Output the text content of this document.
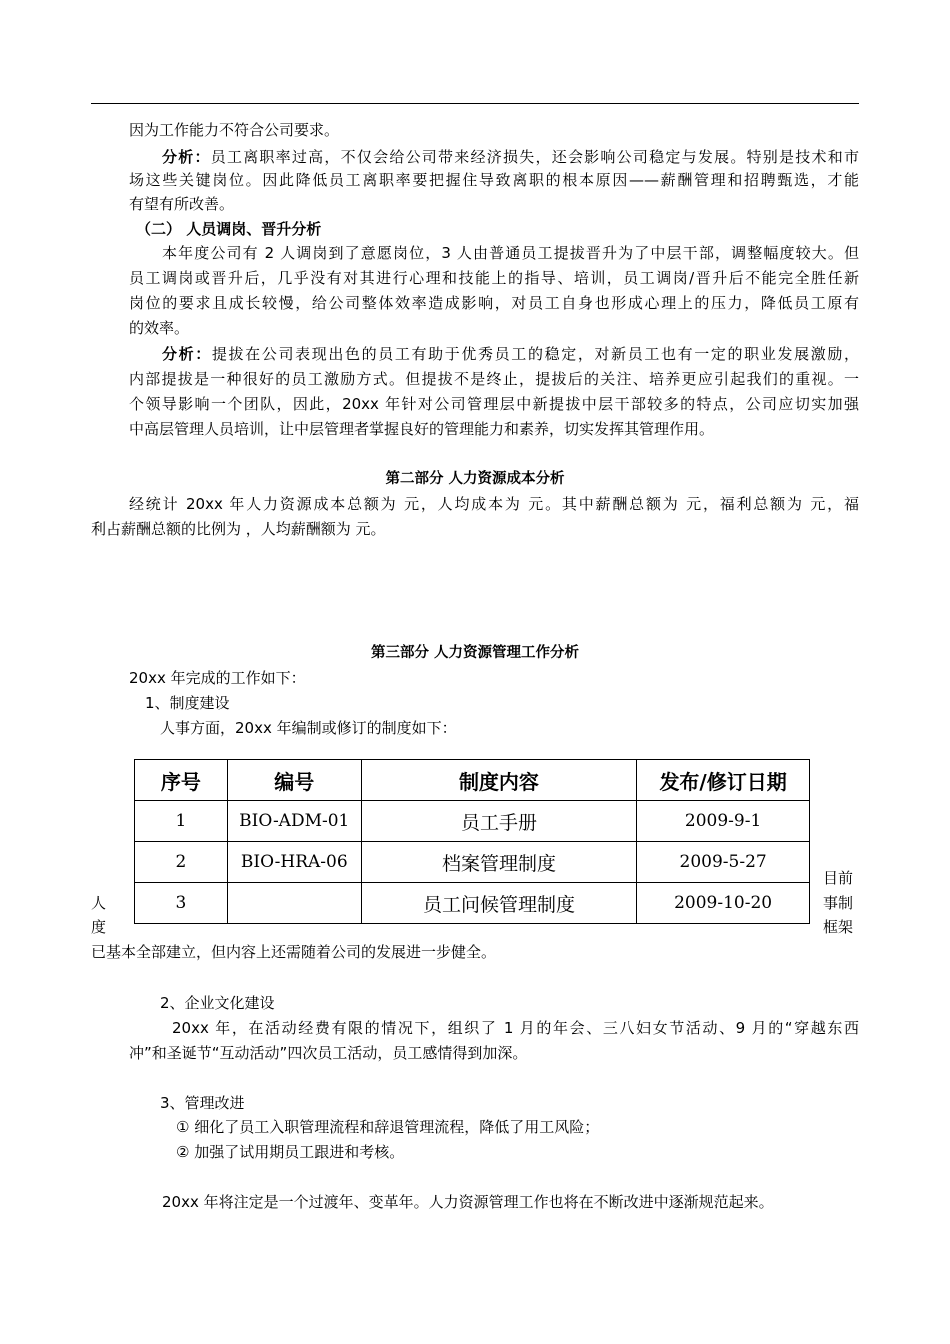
因为工作能力不符合公司要求。
分析：员工离职率过高，不仅会给公司带来经济损失，还会影响公司稳定与发展。特别是技术和市
场这些关键岗位。因此降低员工离职率要把握住导致离职的根本原因——薪酬管理和招聘甄选，才能
有望有所改善。
（二） 人员调岗、晋升分析
本年度公司有 2 人调岗到了意愿岗位，3 人由普通员工提拔晋升为了中层干部，调整幅度较大。但
员工调岗或晋升后，几乎没有对其进行心理和技能上的指导、培训，员工调岗/晋升后不能完全胜任新
岗位的要求且成长较慢，给公司整体效率造成影响，对员工自身也形成心理上的压力，降低员工原有
的效率。
分析：提拔在公司表现出色的员工有助于优秀员工的稳定，对新员工也有一定的职业发展激励，
内部提拔是一种很好的员工激励方式。但提拔不是终止，提拔后的关注、培养更应引起我们的重视。一
个领导影响一个团队，因此，20xx 年针对公司管理层中新提拔中层干部较多的特点，公司应切实加强
中高层管理人员培训，让中层管理者掌握良好的管理能力和素养，切实发挥其管理作用。
第二部分 人力资源成本分析
经统计 20xx 年人力资源成本总额为 元，人均成本为 元。其中薪酬总额为 元，福利总额为 元，福
利占薪酬总额的比例为 ，人均薪酬额为 元。
第三部分 人力资源管理工作分析
20xx 年完成的工作如下：
1、制度建设
人事方面，20xx 年编制或修订的制度如下：
序号	编号	制度内容	发布/修订日期
1	BIO-ADM-01	员工手册	2009-9-1
2	BIO-HRA-06	档案管理制度	2009-5-27
3		员工问候管理制度	2009-10-20
人
度
目前
事制
框架
已基本全部建立，但内容上还需随着公司的发展进一步健全。
2、企业文化建设
20xx 年，在活动经费有限的情况下，组织了 1 月的年会、三八妇女节活动、9 月的“穿越东西
冲”和圣诞节“互动活动”四次员工活动，员工感情得到加深。
3、管理改进
① 细化了员工入职管理流程和辞退管理流程，降低了用工风险；
② 加强了试用期员工跟进和考核。
20xx 年将注定是一个过渡年、变革年。人力资源管理工作也将在不断改进中逐渐规范起来。
